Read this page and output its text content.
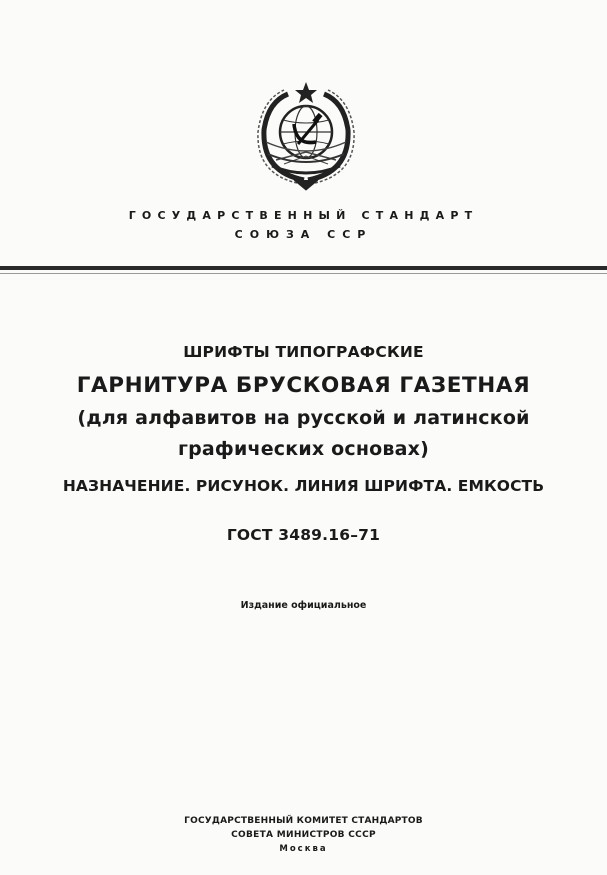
ГОСУДАРСТВЕННЫЙ СТАНДАРТ
СОЮЗА ССР
ШРИФТЫ ТИПОГРАФСКИЕ
ГАРНИТУРА БРУСКОВАЯ ГАЗЕТНАЯ
(для алфавитов на русской и латинской
графических основах)
НАЗНАЧЕНИЕ. РИСУНОК. ЛИНИЯ ШРИФТА. ЕМКОСТЬ
ГОСТ 3489.16–71
Издание официальное
ГОСУДАРСТВЕННЫЙ КОМИТЕТ СТАНДАРТОВ
СОВЕТА МИНИСТРОВ СССР
Москва
